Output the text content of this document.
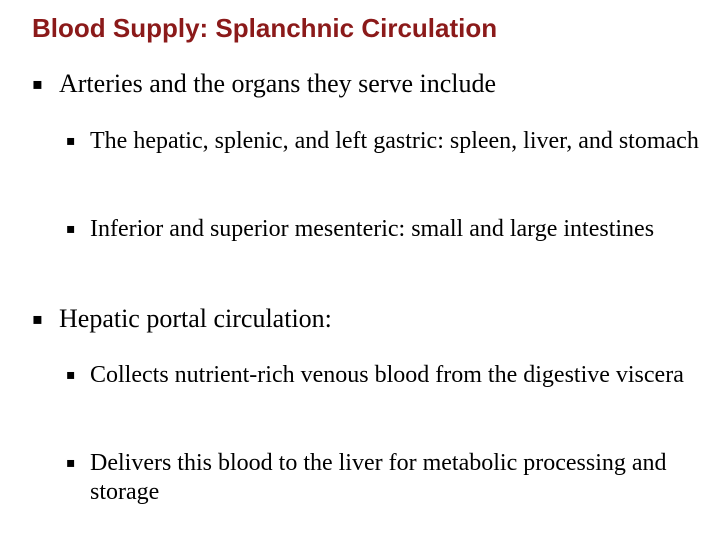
Blood Supply: Splanchnic Circulation
▪ Arteries and the organs they serve include
▪ The hepatic, splenic, and left gastric: spleen, liver, and stomach
▪ Inferior and superior mesenteric: small and large intestines
▪ Hepatic portal circulation:
▪ Collects nutrient-rich venous blood from the digestive viscera
▪ Delivers this blood to the liver for metabolic processing and storage
